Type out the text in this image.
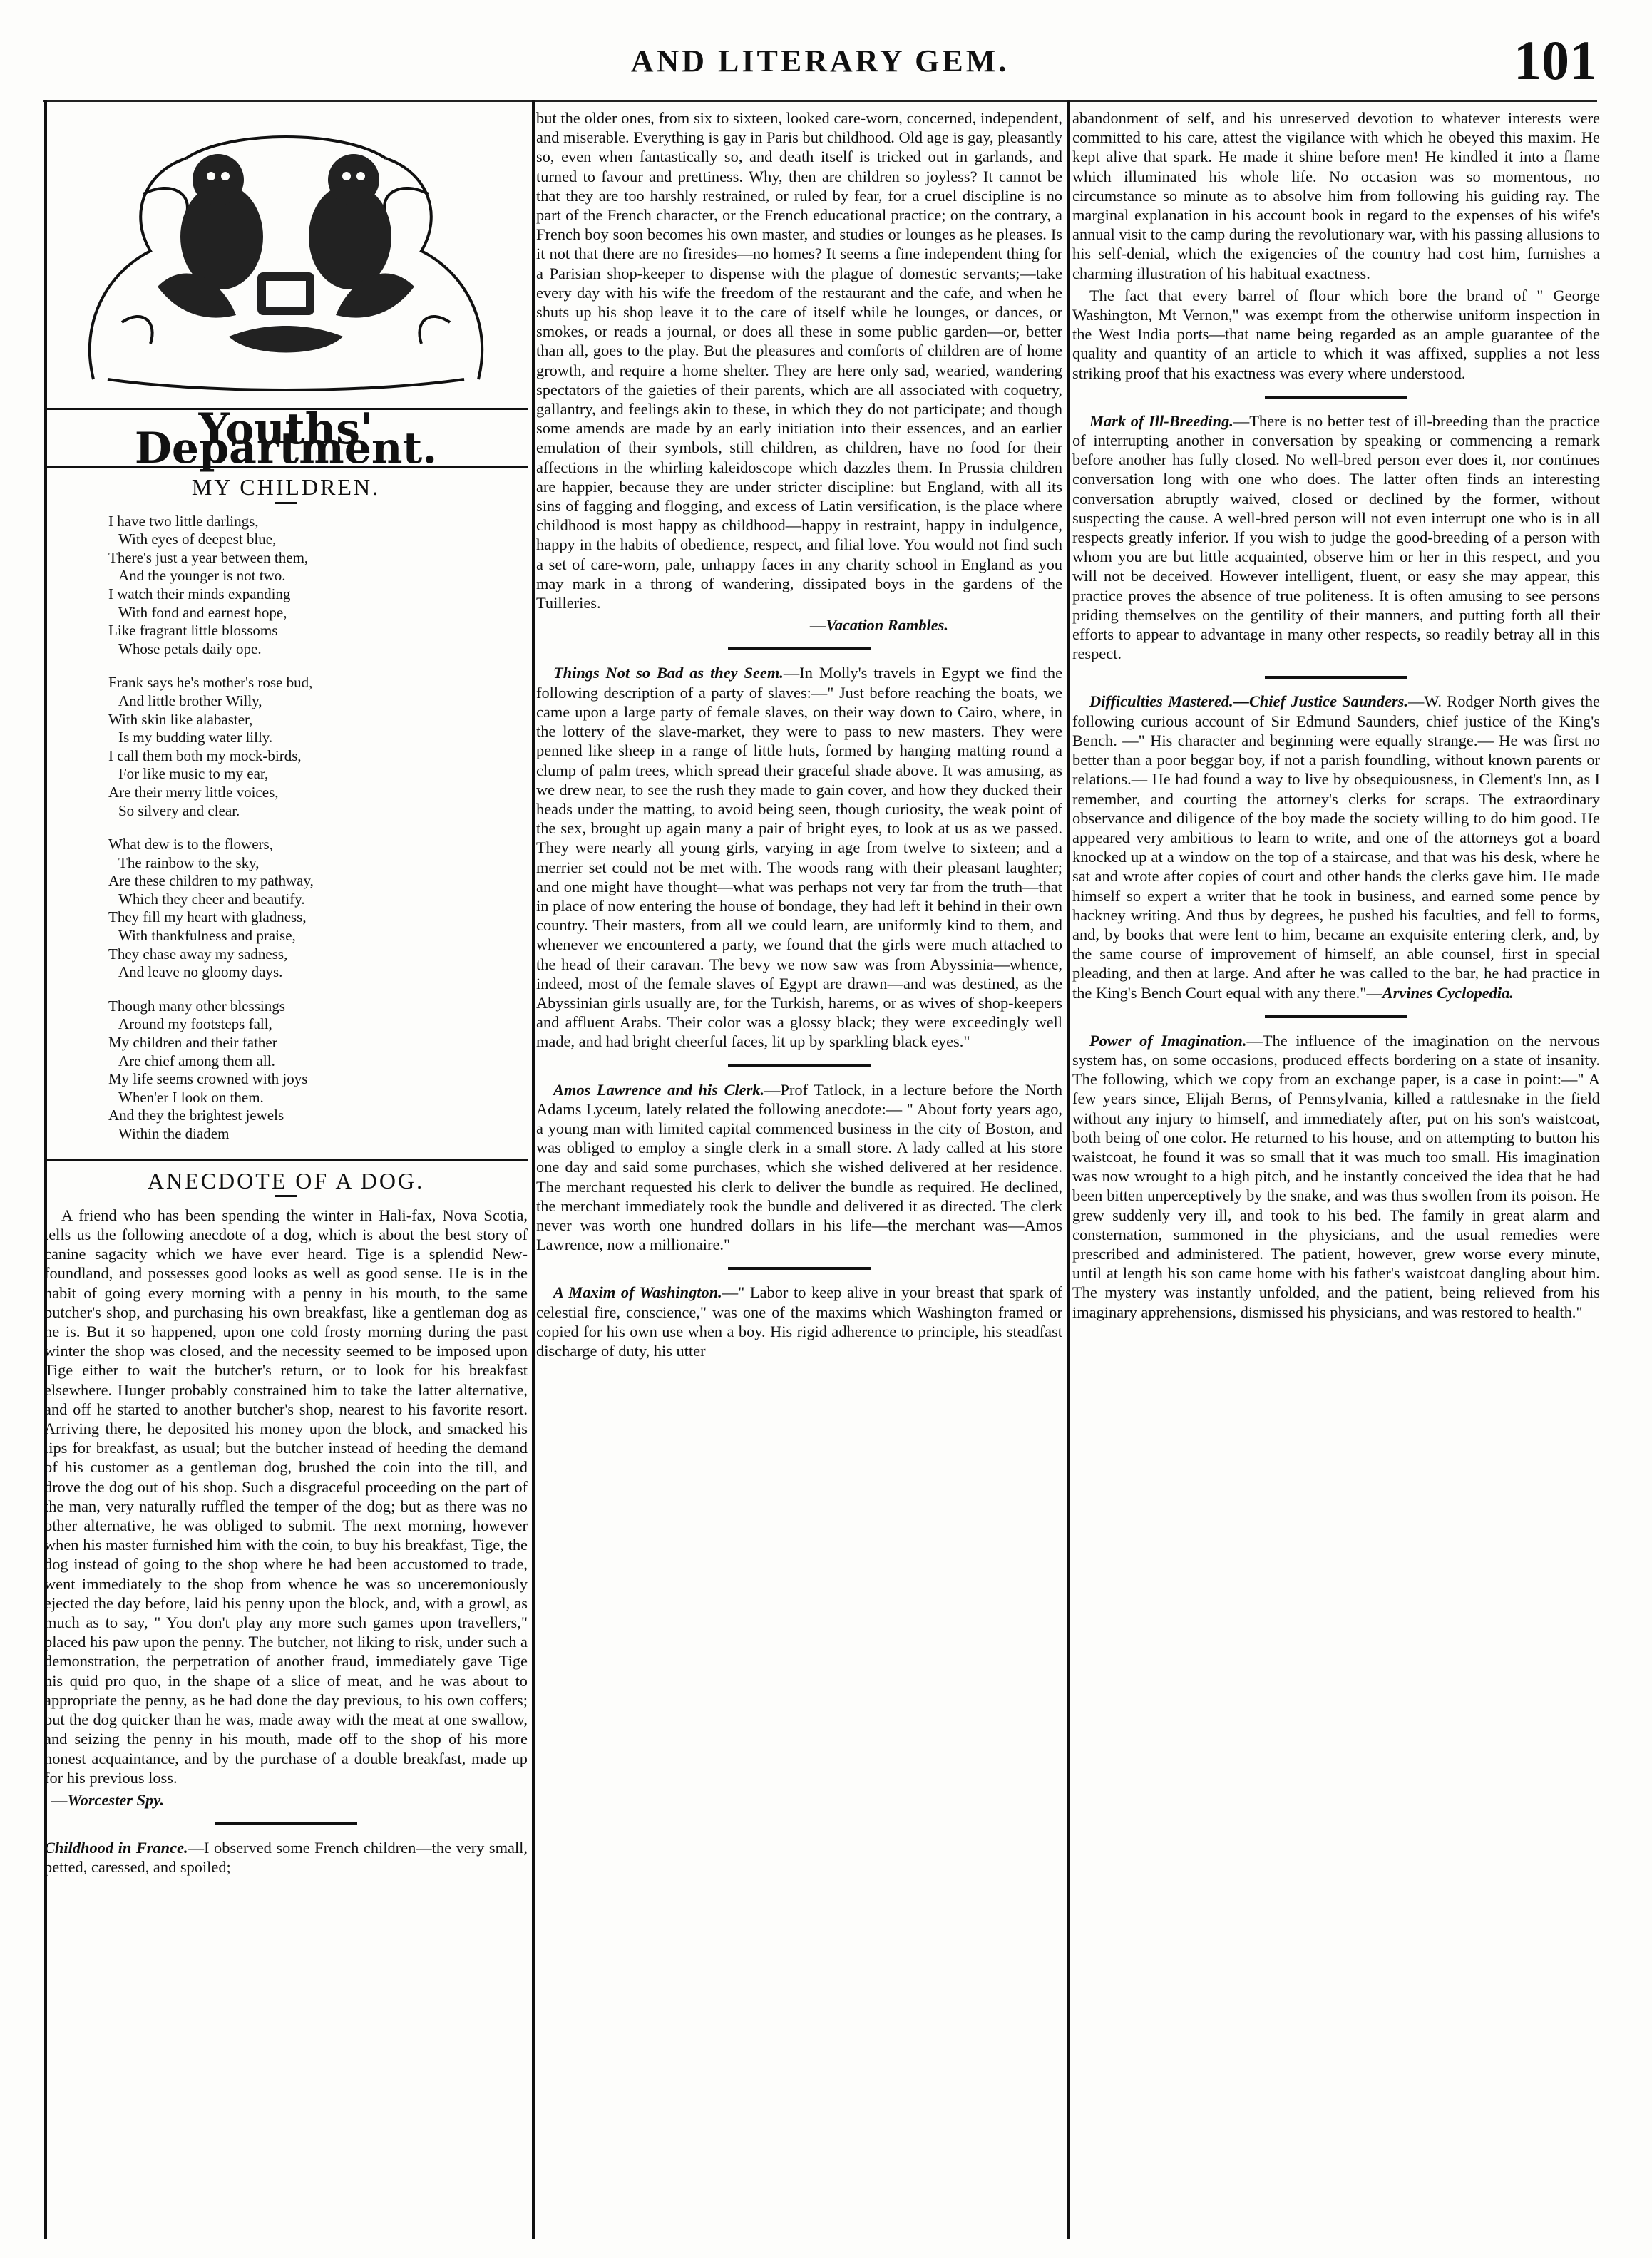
AND LITERARY GEM.	101
Youths' Department.
MY CHILDREN.
I have two little darlings,
With eyes of deepest blue,
There's just a year between them,
And the younger is not two.
I watch their minds expanding
With fond and earnest hope,
Like fragrant little blossoms
Whose petals daily ope.
Frank says he's mother's rose bud,
And little brother Willy,
With skin like alabaster,
Is my budding water lilly.
I call them both my mock-birds,
For like music to my ear,
Are their merry little voices,
So silvery and clear.
What dew is to the flowers,
The rainbow to the sky,
Are these children to my pathway,
Which they cheer and beautify.
They fill my heart with gladness,
With thankfulness and praise,
They chase away my sadness,
And leave no gloomy days.
Though many other blessings
Around my footsteps fall,
My children and their father
Are chief among them all.
My life seems crowned with joys
When'er I look on them.
And they the brightest jewels
Within the diadem
ANECDOTE OF A DOG.

A friend who has been spending the winter in Hali-fax, Nova Scotia, tells us the following anecdote of a dog, which is about the best story of canine sagacity which we have ever heard. Tige is a splendid New-foundland, and possesses good looks as well as good sense. He is in the habit of going every morning with a penny in his mouth, to the same butcher's shop, and purchasing his own breakfast, like a gentleman dog as he is. But it so happened, upon one cold frosty morning during the past winter the shop was closed, and the necessity seemed to be imposed upon Tige either to wait the butcher's return, or to look for his breakfast elsewhere. Hunger probably constrained him to take the latter alternative, and off he started to another butcher's shop, nearest to his favorite resort. Arriving there, he deposited his money upon the block, and smacked his lips for breakfast, as usual; but the butcher instead of heeding the demand of his customer as a gentleman dog, brushed the coin into the till, and drove the dog out of his shop. Such a disgraceful proceeding on the part of the man, very naturally ruffled the temper of the dog; but as there was no other alternative, he was obliged to submit. The next morning, however when his master furnished him with the coin, to buy his breakfast, Tige, the dog instead of going to the shop where he had been accustomed to trade, went immediately to the shop from whence he was so unceremoniously ejected the day before, laid his penny upon the block, and, with a growl, as much as to say, " You don't play any more such games upon travellers," placed his paw upon the penny. The butcher, not liking to risk, under such a demonstration, the perpetration of another fraud, immediately gave Tige his quid pro quo, in the shape of a slice of meat, and he was about to appropriate the penny, as he had done the day previous, to his own coffers; but the dog quicker than he was, made away with the meat at one swallow, and seizing the penny in his mouth, made off to the shop of his more honest acquaintance, and by the purchase of a double breakfast, made up for his previous loss.

—Worcester Spy.

Childhood in France.—I observed some French children—the very small, petted, caressed, and spoiled;

but the older ones, from six to sixteen, looked care-worn, concerned, independent, and miserable. Everything is gay in Paris but childhood. Old age is gay, pleasantly so, even when fantastically so, and death itself is tricked out in garlands, and turned to favour and prettiness. Why, then are children so joyless? It cannot be that they are too harshly restrained, or ruled by fear, for a cruel discipline is no part of the French character, or the French educational practice; on the contrary, a French boy soon becomes his own master, and studies or lounges as he pleases. Is it not that there are no firesides—no homes? It seems a fine independent thing for a Parisian shop-keeper to dispense with the plague of domestic servants;—take every day with his wife the freedom of the restaurant and the cafe, and when he shuts up his shop leave it to the care of itself while he lounges, or dances, or smokes, or reads a journal, or does all these in some public garden—or, better than all, goes to the play. But the pleasures and comforts of children are of home growth, and require a home shelter. They are here only sad, wearied, wandering spectators of the gaieties of their parents, which are all associated with coquetry, gallantry, and feelings akin to these, in which they do not participate; and though some amends are made by an early initiation into their essences, and an earlier emulation of their symbols, still children, as children, have no food for their affections in the whirling kaleidoscope which dazzles them. In Prussia children are happier, because they are under stricter discipline: but England, with all its sins of fagging and flogging, and excess of Latin versification, is the place where childhood is most happy as childhood—happy in restraint, happy in indulgence, happy in the habits of obedience, respect, and filial love. You would not find such a set of care-worn, pale, unhappy faces in any charity school in England as you may mark in a throng of wandering, dissipated boys in the gardens of the Tuilleries.

—Vacation Rambles.

Things Not so Bad as they Seem.—In Molly's travels in Egypt we find the following description of a party of slaves:—" Just before reaching the boats, we came upon a large party of female slaves, on their way down to Cairo, where, in the lottery of the slave-market, they were to pass to new masters. They were penned like sheep in a range of little huts, formed by hanging matting round a clump of palm trees, which spread their graceful shade above. It was amusing, as we drew near, to see the rush they made to gain cover, and how they ducked their heads under the matting, to avoid being seen, though curiosity, the weak point of the sex, brought up again many a pair of bright eyes, to look at us as we passed. They were nearly all young girls, varying in age from twelve to sixteen; and a merrier set could not be met with. The woods rang with their pleasant laughter; and one might have thought—what was perhaps not very far from the truth—that in place of now entering the house of bondage, they had left it behind in their own country. Their masters, from all we could learn, are uniformly kind to them, and whenever we encountered a party, we found that the girls were much attached to the head of their caravan. The bevy we now saw was from Abyssinia—whence, indeed, most of the female slaves of Egypt are drawn—and was destined, as the Abyssinian girls usually are, for the Turkish, harems, or as wives of shop-keepers and affluent Arabs. Their color was a glossy black; they were exceedingly well made, and had bright cheerful faces, lit up by sparkling black eyes."

Amos Lawrence and his Clerk.—Prof Tatlock, in a lecture before the North Adams Lyceum, lately related the following anecdote:— " About forty years ago, a young man with limited capital commenced business in the city of Boston, and was obliged to employ a single clerk in a small store. A lady called at his store one day and said some purchases, which she wished delivered at her residence. The merchant requested his clerk to deliver the bundle as required. He declined, the merchant immediately took the bundle and delivered it as directed. The clerk never was worth one hundred dollars in his life—the merchant was—Amos Lawrence, now a millionaire."

A Maxim of Washington.—" Labor to keep alive in your breast that spark of celestial fire, conscience," was one of the maxims which Washington framed or copied for his own use when a boy. His rigid adherence to principle, his steadfast discharge of duty, his utter

abandonment of self, and his unreserved devotion to whatever interests were committed to his care, attest the vigilance with which he obeyed this maxim. He kept alive that spark. He made it shine before men! He kindled it into a flame which illuminated his whole life. No occasion was so momentous, no circumstance so minute as to absolve him from following his guiding ray. The marginal explanation in his account book in regard to the expenses of his wife's annual visit to the camp during the revolutionary war, with his passing allusions to his self-denial, which the exigencies of the country had cost him, furnishes a charming illustration of his habitual exactness.

The fact that every barrel of flour which bore the brand of " George Washington, Mt Vernon," was exempt from the otherwise uniform inspection in the West India ports—that name being regarded as an ample guarantee of the quality and quantity of an article to which it was affixed, supplies a not less striking proof that his exactness was every where understood.

Mark of Ill-Breeding.—There is no better test of ill-breeding than the practice of interrupting another in conversation by speaking or commencing a remark before another has fully closed. No well-bred person ever does it, nor continues conversation long with one who does. The latter often finds an interesting conversation abruptly waived, closed or declined by the former, without suspecting the cause. A well-bred person will not even interrupt one who is in all respects greatly inferior. If you wish to judge the good-breeding of a person with whom you are but little acquainted, observe him or her in this respect, and you will not be deceived. However intelligent, fluent, or easy she may appear, this practice proves the absence of true politeness. It is often amusing to see persons priding themselves on the gentility of their manners, and putting forth all their efforts to appear to advantage in many other respects, so readily betray all in this respect.

Difficulties Mastered.—Chief Justice Saunders.—W. Rodger North gives the following curious account of Sir Edmund Saunders, chief justice of the King's Bench. —" His character and beginning were equally strange.— He was first no better than a poor beggar boy, if not a parish foundling, without known parents or relations.— He had found a way to live by obsequiousness, in Clement's Inn, as I remember, and courting the attorney's clerks for scraps. The extraordinary observance and diligence of the boy made the society willing to do him good. He appeared very ambitious to learn to write, and one of the attorneys got a board knocked up at a window on the top of a staircase, and that was his desk, where he sat and wrote after copies of court and other hands the clerks gave him. He made himself so expert a writer that he took in business, and earned some pence by hackney writing. And thus by degrees, he pushed his faculties, and fell to forms, and, by books that were lent to him, became an exquisite entering clerk, and, by the same course of improvement of himself, an able counsel, first in special pleading, and then at large. And after he was called to the bar, he had practice in the King's Bench Court equal with any there."—Arvines Cyclopedia.

Power of Imagination.—The influence of the imagination on the nervous system has, on some occasions, produced effects bordering on a state of insanity. The following, which we copy from an exchange paper, is a case in point:—" A few years since, Elijah Berns, of Pennsylvania, killed a rattlesnake in the field without any injury to himself, and immediately after, put on his son's waistcoat, both being of one color. He returned to his house, and on attempting to button his waistcoat, he found it was so small that it was much too small. His imagination was now wrought to a high pitch, and he instantly conceived the idea that he had been bitten unperceptively by the snake, and was thus swollen from its poison. He grew suddenly very ill, and took to his bed. The family in great alarm and consternation, summoned in the physicians, and the usual remedies were prescribed and administered. The patient, however, grew worse every minute, until at length his son came home with his father's waistcoat dangling about him. The mystery was instantly unfolded, and the patient, being relieved from his imaginary apprehensions, dismissed his physicians, and was restored to health."
